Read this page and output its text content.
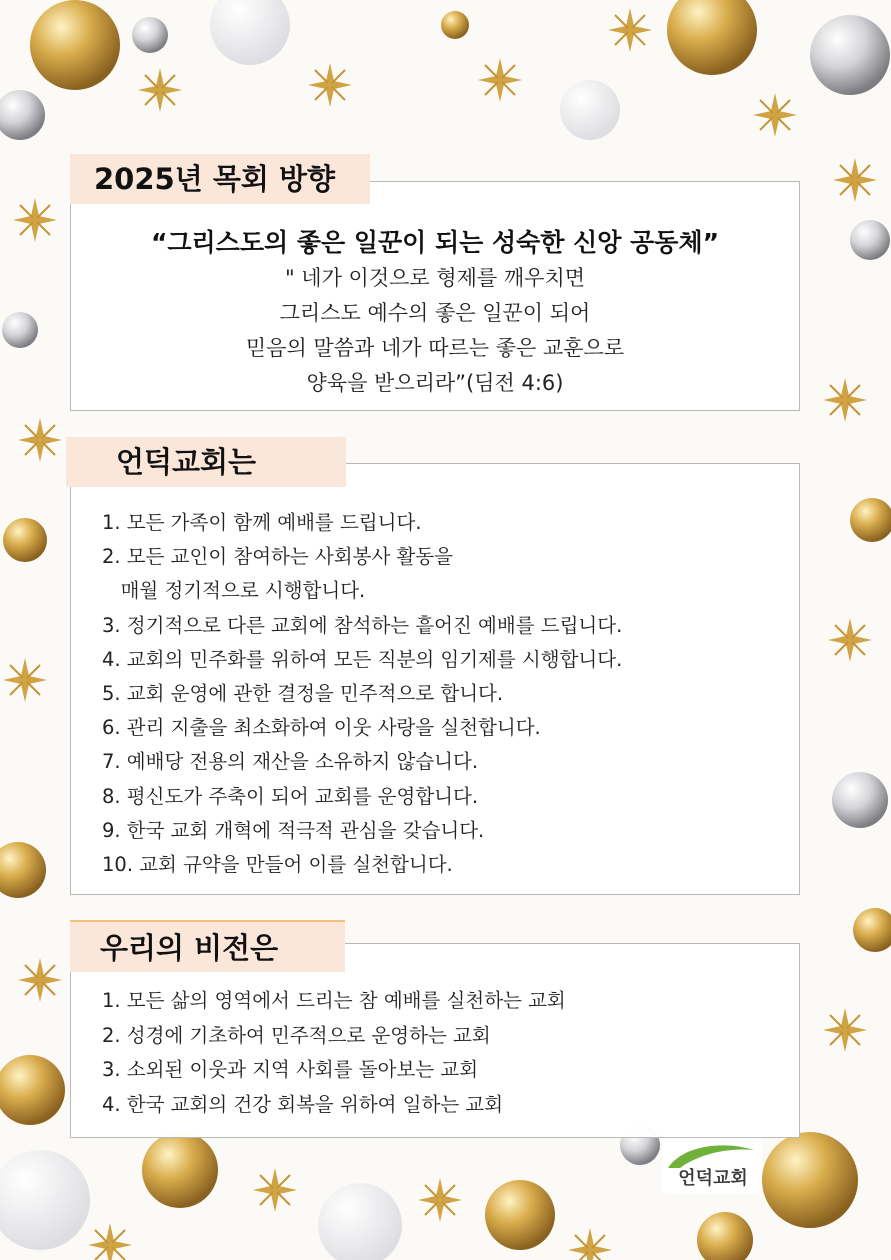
2025년 목회 방향
“그리스도의 좋은 일꾼이 되는 성숙한 신앙 공동체”
" 네가 이것으로 형제를 깨우치면
그리스도 예수의 좋은 일꾼이 되어
믿음의 말씀과 네가 따르는 좋은 교훈으로
양육을 받으리라”(딤전 4:6)
언덕교회는
1. 모든 가족이 함께 예배를 드립니다.
2. 모든 교인이 참여하는 사회봉사 활동을
매월 정기적으로 시행합니다.
3. 정기적으로 다른 교회에 참석하는 흩어진 예배를 드립니다.
4. 교회의 민주화를 위하여 모든 직분의 임기제를 시행합니다.
5. 교회 운영에 관한 결정을 민주적으로 합니다.
6. 관리 지출을 최소화하여 이웃 사랑을 실천합니다.
7. 예배당 전용의 재산을 소유하지 않습니다.
8. 평신도가 주축이 되어 교회를 운영합니다.
9. 한국 교회 개혁에 적극적 관심을 갖습니다.
10. 교회 규약을 만들어 이를 실천합니다.
우리의 비전은
1. 모든 삶의 영역에서 드리는 참 예배를 실천하는 교회
2. 성경에 기초하여 민주적으로 운영하는 교회
3. 소외된 이웃과 지역 사회를 돌아보는 교회
4. 한국 교회의 건강 회복을 위하여 일하는 교회
언덕교회
